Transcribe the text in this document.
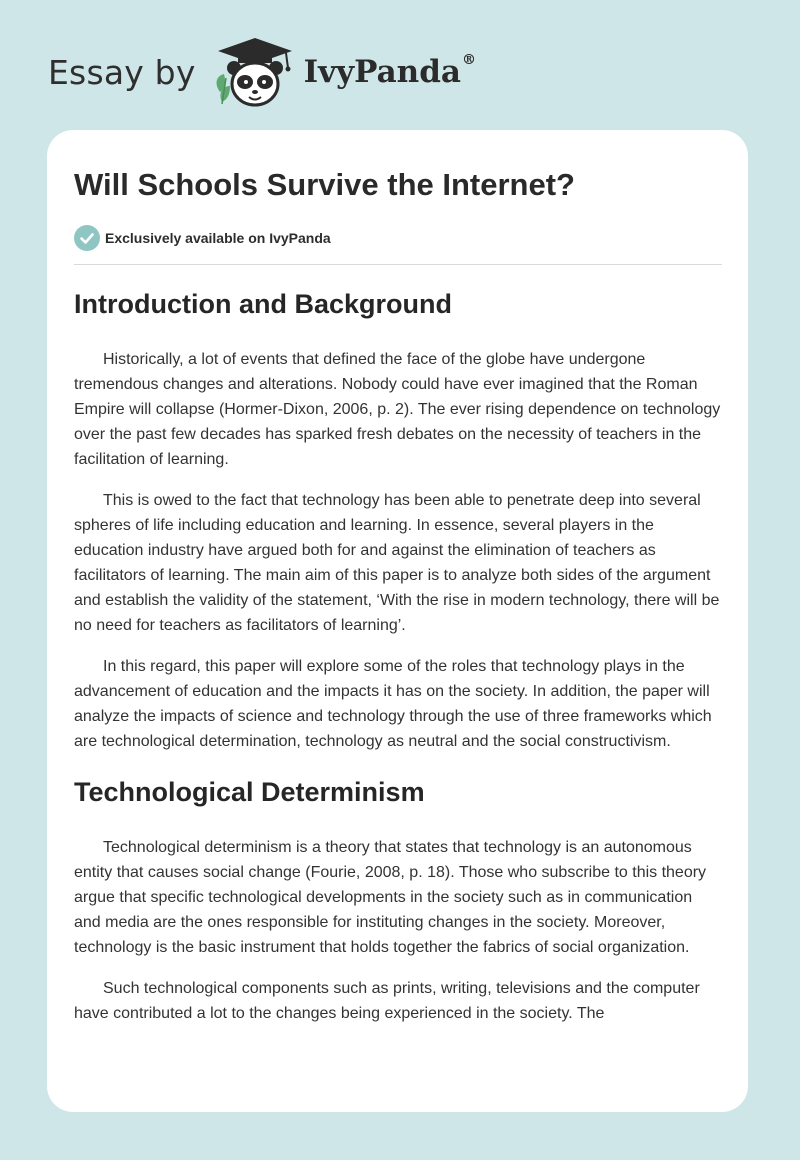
Essay by	IvyPanda®
Will Schools Survive the Internet?
Exclusively available on IvyPanda
Introduction and Background

Historically, a lot of events that defined the face of the globe have undergone tremendous changes and alterations. Nobody could have ever imagined that the Roman Empire will collapse (Hormer-Dixon, 2006, p. 2). The ever rising dependence on technology over the past few decades has sparked fresh debates on the necessity of teachers in the facilitation of learning.

This is owed to the fact that technology has been able to penetrate deep into several spheres of life including education and learning. In essence, several players in the education industry have argued both for and against the elimination of teachers as facilitators of learning. The main aim of this paper is to analyze both sides of the argument and establish the validity of the statement, ‘With the rise in modern technology, there will be no need for teachers as facilitators of learning’.

In this regard, this paper will explore some of the roles that technology plays in the advancement of education and the impacts it has on the society. In addition, the paper will analyze the impacts of science and technology through the use of three frameworks which are technological determination, technology as neutral and the social constructivism.

Technological Determinism

Technological determinism is a theory that states that technology is an autonomous entity that causes social change (Fourie, 2008, p. 18). Those who subscribe to this theory argue that specific technological developments in the society such as in communication and media are the ones responsible for instituting changes in the society. Moreover, technology is the basic instrument that holds together the fabrics of social organization.

Such technological components such as prints, writing, televisions and the computer have contributed a lot to the changes being experienced in the society. The
